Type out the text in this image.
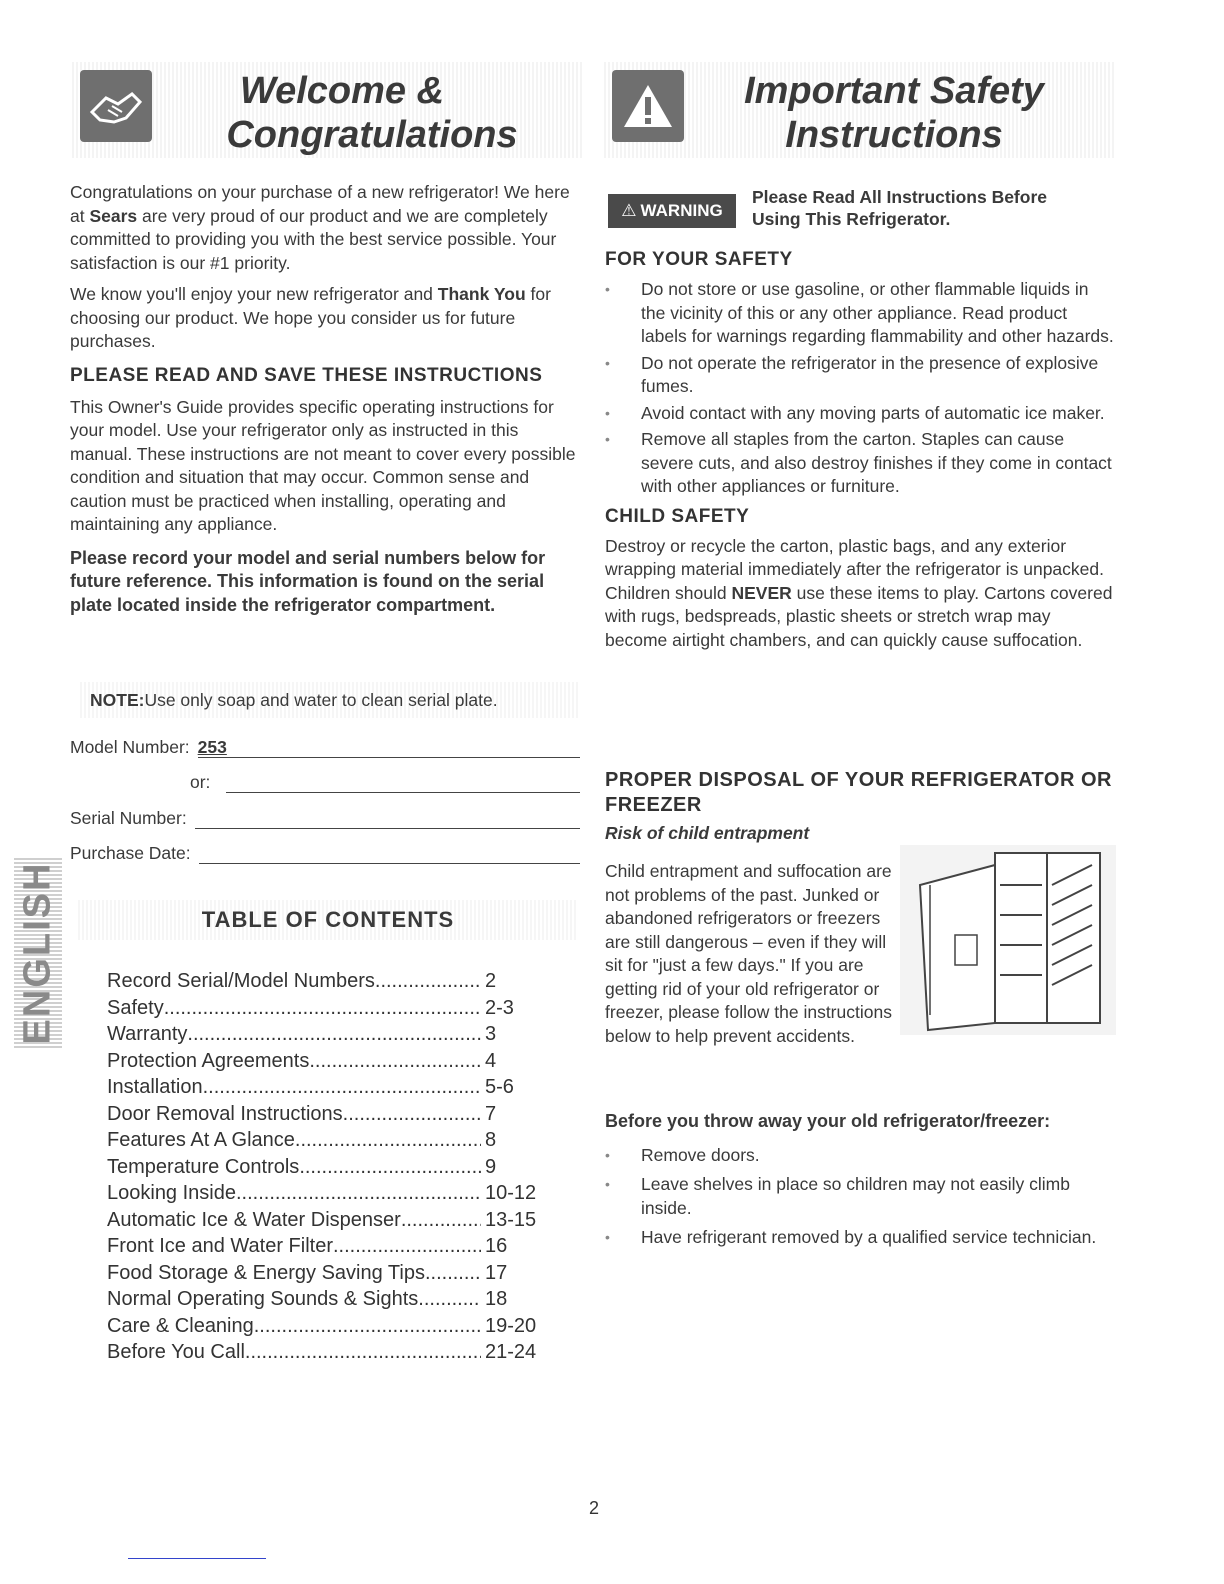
Welcome &
Congratulations
Important Safety
Instructions

Congratulations on your purchase of a new refrigerator! We here at Sears are very proud of our product and we are completely committed to providing you with the best service possible. Your satisfaction is our #1 priority.

We know you'll enjoy your new refrigerator and Thank You for choosing our product. We hope you consider us for future purchases.

PLEASE READ AND SAVE THESE INSTRUCTIONS

This Owner's Guide provides specific operating instructions for your model. Use your refrigerator only as instructed in this manual. These instructions are not meant to cover every possible condition and situation that may occur. Common sense and caution must be practiced when installing, operating and maintaining any appliance.

Please record your model and serial numbers below for future reference. This information is found on the serial plate located inside the refrigerator compartment.

NOTE: Use only soap and water to clean serial plate.
Model Number: 253
or:
Serial Number:
Purchase Date:
ENGLISH	TABLE OF CONTENTS
Record Serial/Model Numbers .....	2
Safety .....	2-3
Warranty .....	3
Protection Agreements .....	4
Installation .....	5-6
Door Removal Instructions .....	7
Features At A Glance .....	8
Temperature Controls .....	9
Looking Inside .....	10-12
Automatic Ice & Water Dispenser .....	13-15
Front Ice and Water Filter .....	16
Food Storage & Energy Saving Tips .....	17
Normal Operating Sounds & Sights .....	18
Care & Cleaning .....	19-20
Before You Call .....	21-24
⚠ WARNING
Please Read All Instructions Before
Using This Refrigerator.

FOR YOUR SAFETY

• Do not store or use gasoline, or other flammable liquids in the vicinity of this or any other appliance. Read product labels for warnings regarding flammability and other hazards.
• Do not operate the refrigerator in the presence of explosive fumes.
• Avoid contact with any moving parts of automatic ice maker.
• Remove all staples from the carton. Staples can cause severe cuts, and also destroy finishes if they come in contact with other appliances or furniture.

CHILD SAFETY

Destroy or recycle the carton, plastic bags, and any exterior wrapping material immediately after the refrigerator is unpacked. Children should NEVER use these items to play. Cartons covered with rugs, bedspreads, plastic sheets or stretch wrap may become airtight chambers, and can quickly cause suffocation.

PROPER DISPOSAL OF YOUR REFRIGERATOR OR FREEZER

Risk of child entrapment

Child entrapment and suffocation are not problems of the past. Junked or abandoned refrigerators or freezers are still dangerous – even if they will sit for "just a few days." If you are getting rid of your old refrigerator or freezer, please follow the instructions below to help prevent accidents.

Before you throw away your old refrigerator/freezer:

• Remove doors.
• Leave shelves in place so children may not easily climb inside.
• Have refrigerant removed by a qualified service technician.
2
